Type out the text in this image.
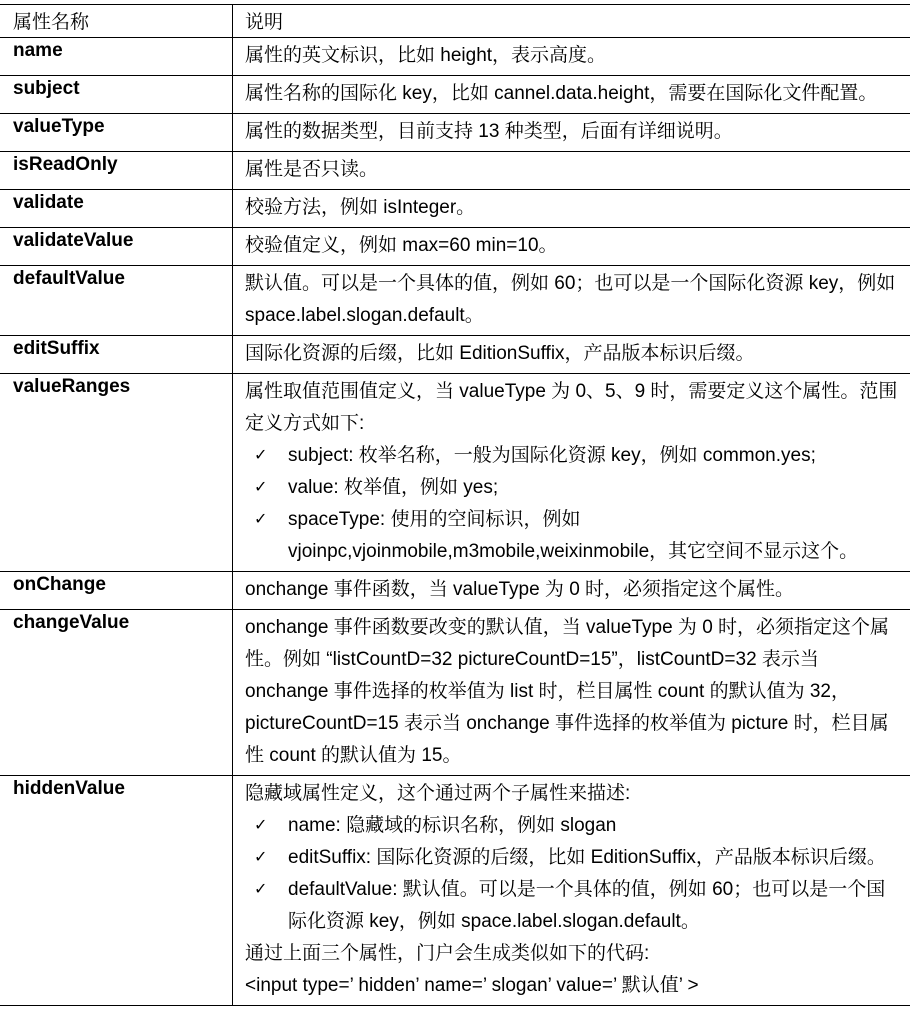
属性名称	说明
name	属性的英文标识，比如 height，表示高度。

subject	属性名称的国际化 key，比如 cannel.data.height，需要在国际化文件配置。

valueType	属性的数据类型，目前支持 13 种类型，后面有详细说明。

isReadOnly	属性是否只读。

validate	校验方法，例如 isInteger。

validateValue	校验值定义，例如 max=60 min=10。

defaultValue	默认值。可以是一个具体的值，例如 60；也可以是一个国际化资源 key，例如 space.label.slogan.default。

editSuffix	国际化资源的后缀，比如 EditionSuffix，产品版本标识后缀。

valueRanges	属性取值范围值定义，当 valueType 为 0、5、9 时，需要定义这个属性。范围定义方式如下:
✓	subject: 枚举名称，一般为国际化资源 key，例如 common.yes;
✓	value: 枚举值，例如 yes;
✓	spaceType: 使用的空间标识，例如 vjoinpc,vjoinmobile,m3mobile,weixinmobile，其它空间不显示这个。

onChange	onchange 事件函数，当 valueType 为 0 时，必须指定这个属性。

changeValue	onchange 事件函数要改变的默认值，当 valueType 为 0 时，必须指定这个属性。例如 “listCountD=32 pictureCountD=15”，listCountD=32 表示当 onchange 事件选择的枚举值为 list 时，栏目属性 count 的默认值为 32，pictureCountD=15 表示当 onchange 事件选择的枚举值为 picture 时，栏目属性 count 的默认值为 15。

hiddenValue	隐藏域属性定义，这个通过两个子属性来描述:
✓	name: 隐藏域的标识名称，例如 slogan
✓	editSuffix: 国际化资源的后缀，比如 EditionSuffix，产品版本标识后缀。
✓	defaultValue: 默认值。可以是一个具体的值，例如 60；也可以是一个国际化资源 key，例如 space.label.slogan.default。
通过上面三个属性，门户会生成类似如下的代码:
<input type=’ hidden’ name=’ slogan’ value=’ 默认值’ >
